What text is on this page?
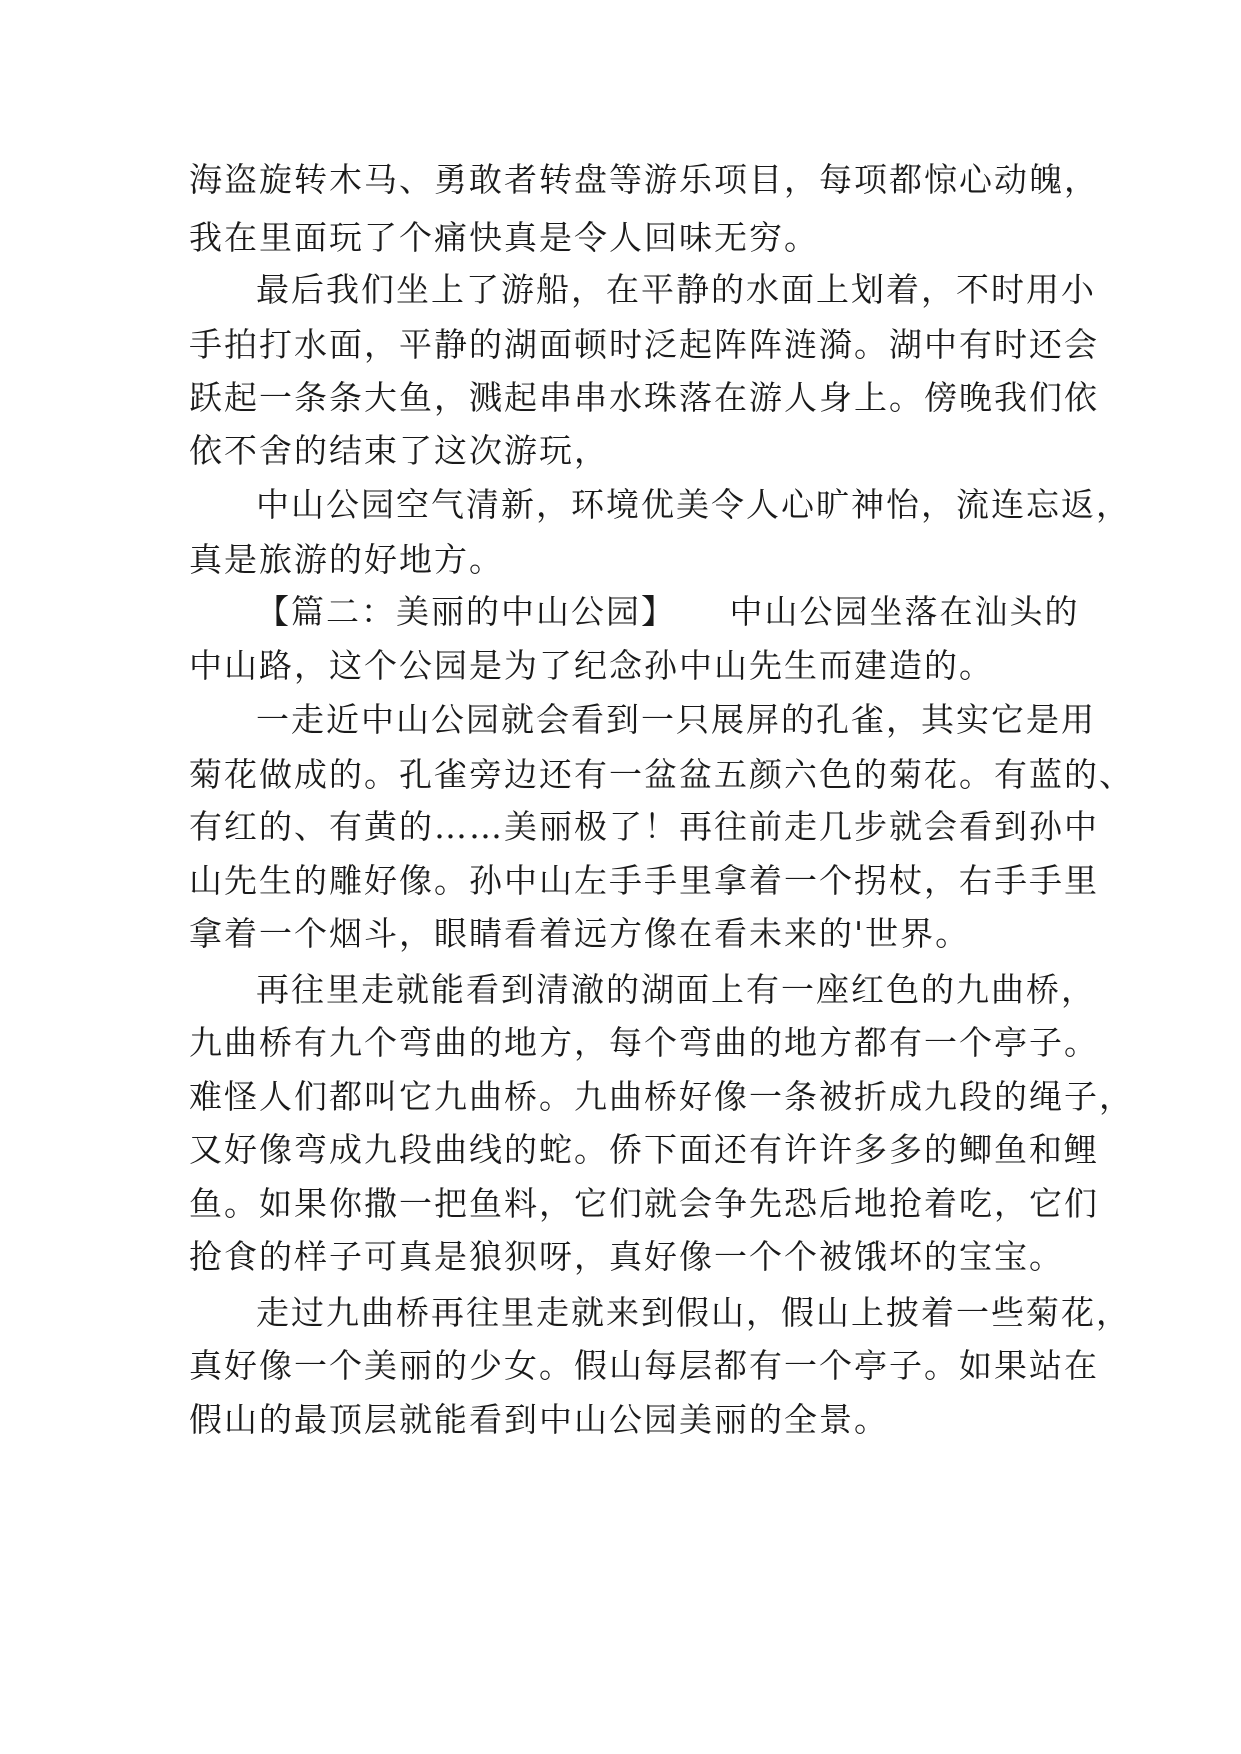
海盗旋转木马、勇敢者转盘等游乐项目，每项都惊心动魄，
我在里面玩了个痛快真是令人回味无穷。
最后我们坐上了游船，在平静的水面上划着，不时用小
手拍打水面，平静的湖面顿时泛起阵阵涟漪。湖中有时还会
跃起一条条大鱼，溅起串串水珠落在游人身上。傍晚我们依
依不舍的结束了这次游玩，
中山公园空气清新，环境优美令人心旷神怡，流连忘返，
真是旅游的好地方。
【篇二：美丽的中山公园】　　中山公园坐落在汕头的
中山路，这个公园是为了纪念孙中山先生而建造的。
一走近中山公园就会看到一只展屏的孔雀，其实它是用
菊花做成的。孔雀旁边还有一盆盆五颜六色的菊花。有蓝的、
有红的、有黄的……美丽极了！再往前走几步就会看到孙中
山先生的雕好像。孙中山左手手里拿着一个拐杖，右手手里
拿着一个烟斗，眼睛看着远方像在看未来的'世界。
再往里走就能看到清澈的湖面上有一座红色的九曲桥，
九曲桥有九个弯曲的地方，每个弯曲的地方都有一个亭子。
难怪人们都叫它九曲桥。九曲桥好像一条被折成九段的绳子，
又好像弯成九段曲线的蛇。侨下面还有许许多多的鲫鱼和鲤
鱼。如果你撒一把鱼料，它们就会争先恐后地抢着吃，它们
抢食的样子可真是狼狈呀，真好像一个个被饿坏的宝宝。
走过九曲桥再往里走就来到假山，假山上披着一些菊花，
真好像一个美丽的少女。假山每层都有一个亭子。如果站在
假山的最顶层就能看到中山公园美丽的全景。
